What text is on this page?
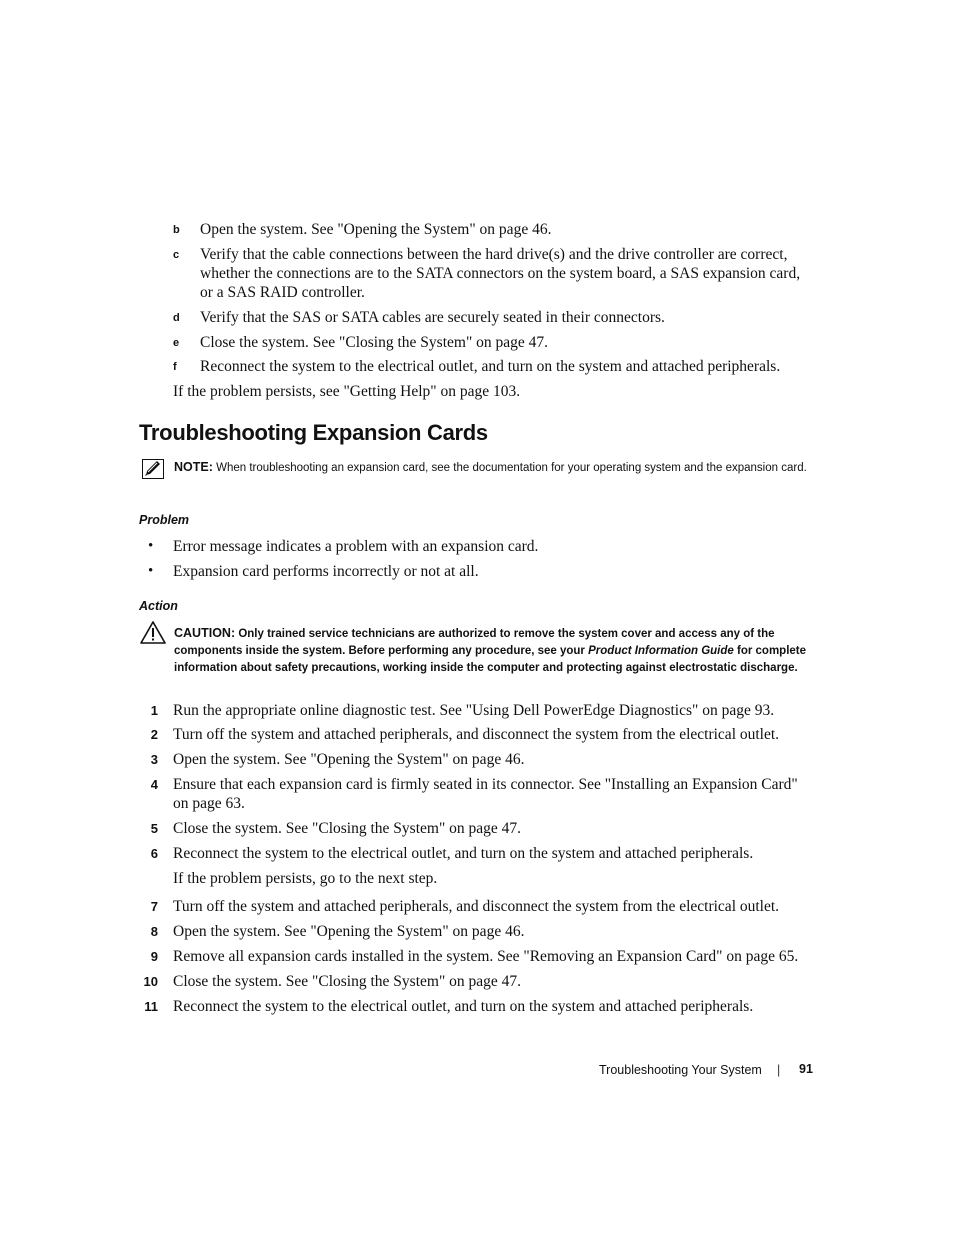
b	Open the system. See "Opening the System" on page 46.
c	Verify that the cable connections between the hard drive(s) and the drive controller are correct, whether the connections are to the SATA connectors on the system board, a SAS expansion card, or a SAS RAID controller.
d	Verify that the SAS or SATA cables are securely seated in their connectors.
e	Close the system. See "Closing the System" on page 47.
f	Reconnect the system to the electrical outlet, and turn on the system and attached peripherals.

If the problem persists, see "Getting Help" on page 103.

Troubleshooting Expansion Cards
NOTE: When troubleshooting an expansion card, see the documentation for your operating system and the expansion card.
Problem
• Error message indicates a problem with an expansion card.
• Expansion card performs incorrectly or not at all.
Action
CAUTION: Only trained service technicians are authorized to remove the system cover and access any of the components inside the system. Before performing any procedure, see your Product Information Guide for complete information about safety precautions, working inside the computer and protecting against electrostatic discharge.
1 Run the appropriate online diagnostic test. See "Using Dell PowerEdge Diagnostics" on page 93.
2 Turn off the system and attached peripherals, and disconnect the system from the electrical outlet.
3 Open the system. See "Opening the System" on page 46.
4 Ensure that each expansion card is firmly seated in its connector. See "Installing an Expansion Card" on page 63.
5 Close the system. See "Closing the System" on page 47.
6 Reconnect the system to the electrical outlet, and turn on the system and attached peripherals.

If the problem persists, go to the next step.

7 Turn off the system and attached peripherals, and disconnect the system from the electrical outlet.
8 Open the system. See "Opening the System" on page 46.
9 Remove all expansion cards installed in the system. See "Removing an Expansion Card" on page 65.
10 Close the system. See "Closing the System" on page 47.
11 Reconnect the system to the electrical outlet, and turn on the system and attached peripherals.
Troubleshooting Your System | 91
